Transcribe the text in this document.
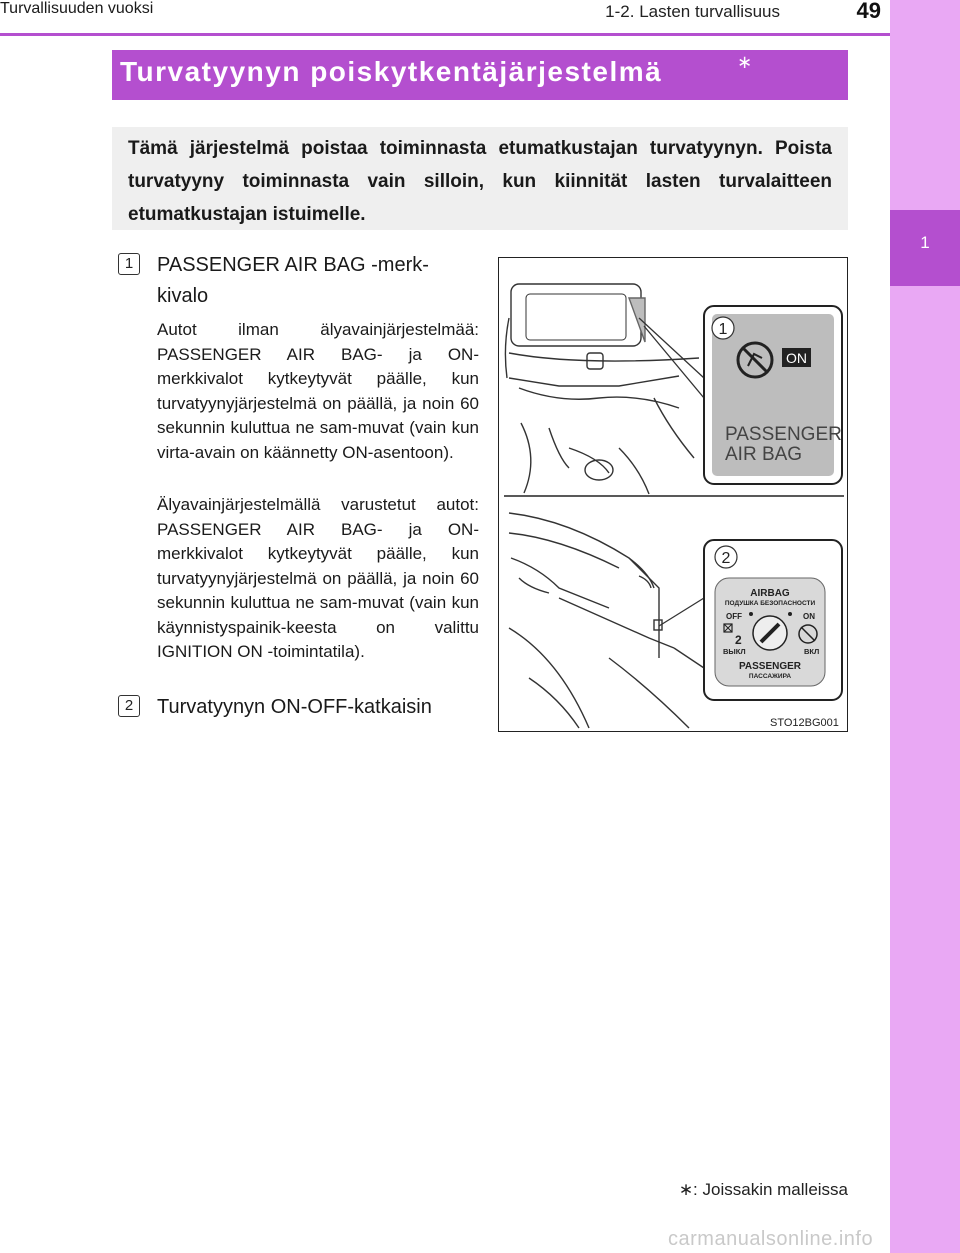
1
Turvallisuuden vuoksi	1-2. Lasten turvallisuus	49
Turvatyynyn poiskytkentäjärjestelmä	∗
Tämä järjestelmä poistaa toiminnasta etumatkustajan turvatyynyn. Poista turvatyyny toiminnasta vain silloin, kun kiinnität lasten turvalaitteen etumatkustajan istuimelle.
1	PASSENGER AIR BAG -merk-kivalo
Autot ilman älyavainjärjestelmää: PASSENGER AIR BAG- ja ON-merkkivalot kytkeytyvät päälle, kun turvatyynyjärjestelmä on päällä, ja noin 60 sekunnin kuluttua ne sam-muvat (vain kun virta-avain on käännetty ON-asentoon).
Älyavainjärjestelmällä varustetut autot: PASSENGER AIR BAG- ja ON- merkkivalot kytkeytyvät päälle, kun turvatyynyjärjestelmä on päällä, ja noin 60 sekunnin kuluttua ne sam-muvat (vain kun käynnistyspainik-keesta on valittu IGNITION ON -toimintatila).
2	Turvatyynyn ON-OFF-katkaisin
1
ON
PASSENGER
AIR BAG
2
AIRBAG
ПОДУШКА БЕЗОПАСНОСТИ
OFF	ON
2
ВЫКЛ	ВКЛ
PASSENGER
ПАССАЖИРА
STO12BG001
∗: Joissakin malleissa
carmanualsonline.info
